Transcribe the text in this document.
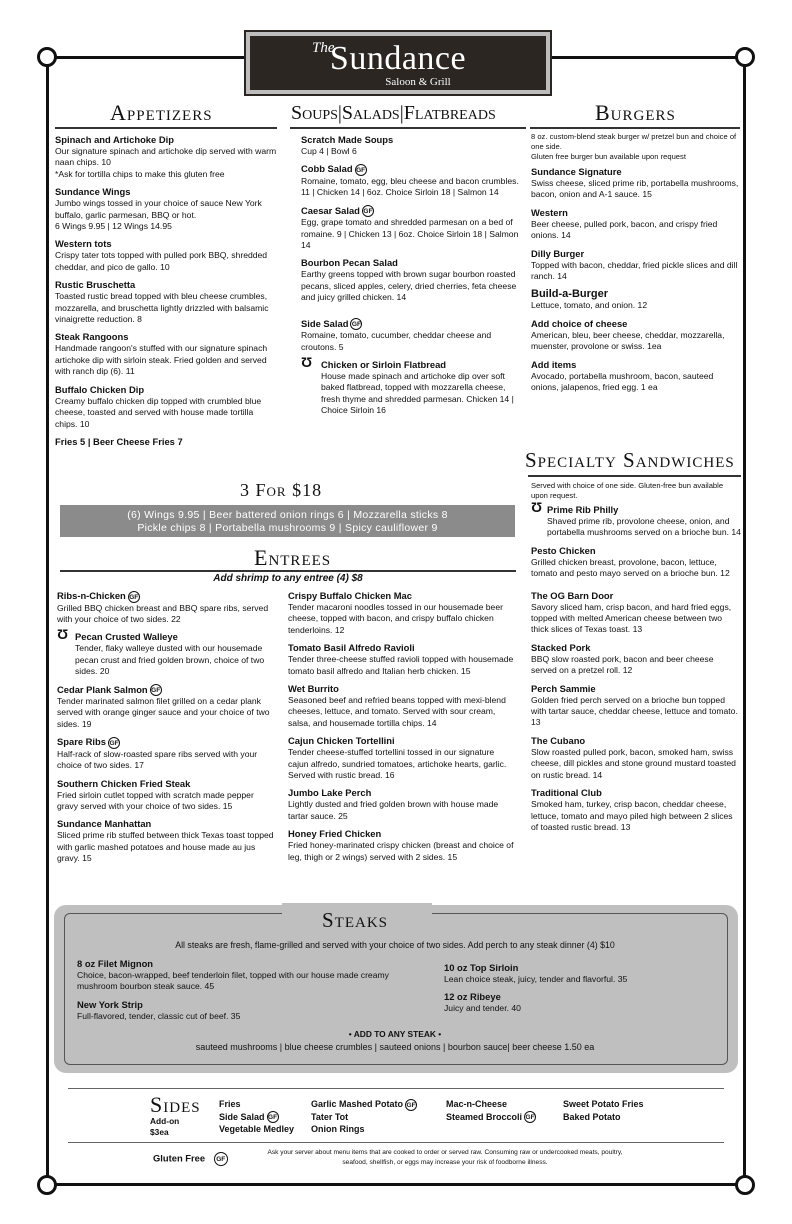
The
Sundance
Saloon & Grill
Appetizers
Spinach and Artichoke Dip
Our signature spinach and artichoke dip served with warm naan chips. 10
*Ask for tortilla chips to make this gluten free
Sundance Wings
Jumbo wings tossed in your choice of sauce New York buffalo, garlic parmesan, BBQ or hot.
6 Wings 9.95 | 12 Wings 14.95
Western tots
Crispy tater tots topped with pulled pork BBQ, shredded cheddar, and pico de gallo. 10
Rustic Bruschetta
Toasted rustic bread topped with bleu cheese crumbles, mozzarella, and bruschetta lightly drizzled with balsamic vinaigrette reduction. 8
Steak Rangoons
Handmade rangoon's stuffed with our signature spinach artichoke dip with sirloin steak. Fried golden and served with ranch dip (6). 11
Buffalo Chicken Dip
Creamy buffalo chicken dip topped with crumbled blue cheese, toasted and served with house made tortilla chips. 10
Fries 5 | Beer Cheese Fries 7
Soups|Salads|Flatbreads
Scratch Made Soups
Cup 4 | Bowl 6
Cobb Salad GF
Romaine, tomato, egg, bleu cheese and bacon crumbles. 11 | Chicken 14 | 6oz. Choice Sirloin 18 | Salmon 14
Caesar Salad GF
Egg, grape tomato and shredded parmesan on a bed of romaine. 9 | Chicken 13 | 6oz. Choice Sirloin 18 | Salmon 14
Bourbon Pecan Salad
Earthy greens topped with brown sugar bourbon roasted pecans, sliced apples, celery, dried cherries, feta cheese and juicy grilled chicken. 14
Side Salad GF
Romaine, tomato, cucumber, cheddar cheese and croutons. 5
Ʊ Chicken or Sirloin Flatbread
House made spinach and artichoke dip over soft baked flatbread, topped with mozzarella cheese, fresh thyme and shredded parmesan. Chicken 14 | Choice Sirloin 16
3 For $18
(6) Wings 9.95 | Beer battered onion rings 6 | Mozzarella sticks 8
Pickle chips 8 | Portabella mushrooms 9 | Spicy cauliflower 9
Burgers
8 oz. custom-blend steak burger w/ pretzel bun and choice of one side.
Gluten free burger bun available upon request
Sundance Signature
Swiss cheese, sliced prime rib, portabella mushrooms, bacon, onion and A-1 sauce. 15
Western
Beer cheese, pulled pork, bacon, and crispy fried onions. 14
Dilly Burger
Topped with bacon, cheddar, fried pickle slices and dill ranch. 14
Build-a-Burger
Lettuce, tomato, and onion. 12
Add choice of cheese
American, bleu, beer cheese, cheddar, mozzarella, muenster, provolone or swiss. 1ea
Add items
Avocado, portabella mushroom, bacon, sauteed onions, jalapenos, fried egg. 1 ea
Specialty Sandwiches
Served with choice of one side. Gluten-free bun available upon request.
Ʊ Prime Rib Philly
Shaved prime rib, provolone cheese, onion, and portabella mushrooms served on a brioche bun. 14
Pesto Chicken
Grilled chicken breast, provolone, bacon, lettuce, tomato and pesto mayo served on a brioche bun. 12
The OG Barn Door
Savory sliced ham, crisp bacon, and hard fried eggs, topped with melted American cheese between two thick slices of Texas toast. 13
Stacked Pork
BBQ slow roasted pork, bacon and beer cheese served on a pretzel roll. 12
Perch Sammie
Golden fried perch served on a brioche bun topped with tartar sauce, cheddar cheese, lettuce and tomato. 13
The Cubano
Slow roasted pulled pork, bacon, smoked ham, swiss cheese, dill pickles and stone ground mustard toasted on rustic bread. 14
Traditional Club
Smoked ham, turkey, crisp bacon, cheddar cheese, lettuce, tomato and mayo piled high between 2 slices of toasted rustic bread. 13
Entrees
Add shrimp to any entree (4) $8
Ribs-n-Chicken GF
Grilled BBQ chicken breast and BBQ spare ribs, served with your choice of two sides. 22
Ʊ Pecan Crusted Walleye
Tender, flaky walleye dusted with our housemade pecan crust and fried golden brown, choice of two sides. 20
Cedar Plank Salmon GF
Tender marinated salmon filet grilled on a cedar plank served with orange ginger sauce and your choice of two sides. 19
Spare Ribs GF
Half-rack of slow-roasted spare ribs served with your choice of two sides. 17
Southern Chicken Fried Steak
Fried sirloin cutlet topped with scratch made pepper gravy served with your choice of two sides. 15
Sundance Manhattan
Sliced prime rib stuffed between thick Texas toast topped with garlic mashed potatoes and house made au jus gravy. 15
Crispy Buffalo Chicken Mac
Tender macaroni noodles tossed in our housemade beer cheese, topped with bacon, and crispy buffalo chicken tenderloins. 12
Tomato Basil Alfredo Ravioli
Tender three-cheese stuffed ravioli topped with housemade tomato basil alfredo and Italian herb chicken. 15
Wet Burrito
Seasoned beef and refried beans topped with mexi-blend cheeses, lettuce, and tomato. Served with sour cream, salsa, and housemade tortilla chips. 14
Cajun Chicken Tortellini
Tender cheese-stuffed tortellini tossed in our signature cajun alfredo, sundried tomatoes, artichoke hearts, garlic. Served with rustic bread. 16
Jumbo Lake Perch
Lightly dusted and fried golden brown with house made tartar sauce. 25
Honey Fried Chicken
Fried honey-marinated crispy chicken (breast and choice of leg, thigh or 2 wings) served with 2 sides. 15
Steaks
All steaks are fresh, flame-grilled and served with your choice of two sides. Add perch to any steak dinner (4) $10
8 oz Filet Mignon
Choice, bacon-wrapped, beef tenderloin filet, topped with our house made creamy mushroom bourbon steak sauce. 45
New York Strip
Full-flavored, tender, classic cut of beef. 35
10 oz Top Sirloin
Lean choice steak, juicy, tender and flavorful. 35
12 oz Ribeye
Juicy and tender. 40
• ADD TO ANY STEAK •
sauteed mushrooms | blue cheese crumbles | sauteed onions | bourbon sauce| beer cheese 1.50 ea
Sides
Add-on
$3ea
Fries
Side Salad GF
Vegetable Medley
Garlic Mashed Potato GF
Tater Tot
Onion Rings
Mac-n-Cheese
Steamed Broccoli GF
Sweet Potato Fries
Baked Potato
Gluten Free GF
Ask your server about menu items that are cooked to order or served raw. Consuming raw or undercooked meats, poultry,
seafood, shellfish, or eggs may increase your risk of foodborne illness.
